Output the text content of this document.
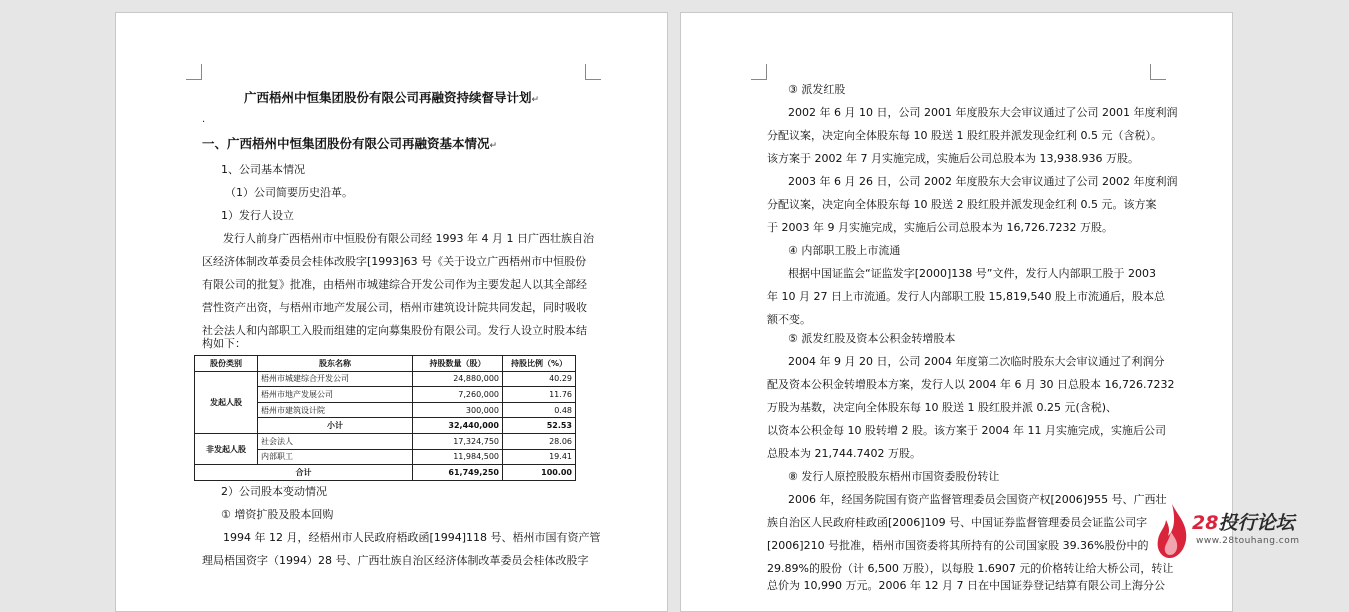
广西梧州中恒集团股份有限公司再融资持续督导计划↵
.
一、广西梧州中恒集团股份有限公司再融资基本情况↵
1、公司基本情况
（1）公司简要历史沿革。
1）发行人设立
发行人前身广西梧州市中恒股份有限公司经 1993 年 4 月 1 日广西壮族自治
区经济体制改革委员会桂体改股字[1993]63 号《关于设立广西梧州市中恒股份
有限公司的批复》批准，由梧州市城建综合开发公司作为主要发起人以其全部经
营性资产出资，与梧州市地产发展公司，梧州市建筑设计院共同发起，同时吸收
社会法人和内部职工入股而组建的定向募集股份有限公司。发行人设立时股本结
构如下：
股份类别	股东名称	持股数量（股）	持股比例（%）
发起人股	梧州市城建综合开发公司	24,880,000	40.29
	梧州市地产发展公司	7,260,000	11.76
	梧州市建筑设计院	300,000	0.48
	小计	32,440,000	52.53
非发起人股	社会法人	17,324,750	28.06
	内部职工	11,984,500	19.41
合计		61,749,250	100.00
2）公司股本变动情况
① 增资扩股及股本回购
1994 年 12 月，经梧州市人民政府梧政函[1994]118 号、梧州市国有资产管
理局梧国资字（1994）28 号、广西壮族自治区经济体制改革委员会桂体改股字
③ 派发红股
2002 年 6 月 10 日，公司 2001 年度股东大会审议通过了公司 2001 年度利润
分配议案，决定向全体股东每 10 股送 1 股红股并派发现金红利 0.5 元（含税）。
该方案于 2002 年 7 月实施完成，实施后公司总股本为 13,938.936 万股。
2003 年 6 月 26 日，公司 2002 年度股东大会审议通过了公司 2002 年度利润
分配议案，决定向全体股东每 10 股送 2 股红股并派发现金红利 0.5 元。该方案
于 2003 年 9 月实施完成，实施后公司总股本为 16,726.7232 万股。
④ 内部职工股上市流通
根据中国证监会“证监发字[2000]138 号”文件，发行人内部职工股于 2003
年 10 月 27 日上市流通。发行人内部职工股 15,819,540 股上市流通后，股本总
额不变。
⑤ 派发红股及资本公积金转增股本
2004 年 9 月 20 日，公司 2004 年度第二次临时股东大会审议通过了利润分
配及资本公积金转增股本方案，发行人以 2004 年 6 月 30 日总股本 16,726.7232
万股为基数，决定向全体股东每 10 股送 1 股红股并派 0.25 元(含税)、
以资本公积金每 10 股转增 2 股。该方案于 2004 年 11 月实施完成，实施后公司
总股本为 21,744.7402 万股。
⑧ 发行人原控股股东梧州市国资委股份转让
2006 年，经国务院国有资产监督管理委员会国资产权[2006]955 号、广西壮
族自治区人民政府桂政函[2006]109 号、中国证券监督管理委员会证监公司字
[2006]210 号批准，梧州市国资委将其所持有的公司国家股 39.36%股份中的
29.89%的股份（计 6,500 万股），以每股 1.6907 元的价格转让给大桥公司，转让
总价为 10,990 万元。2006 年 12 月 7 日在中国证券登记结算有限公司上海分公
28投行论坛
www.28touhang.com
